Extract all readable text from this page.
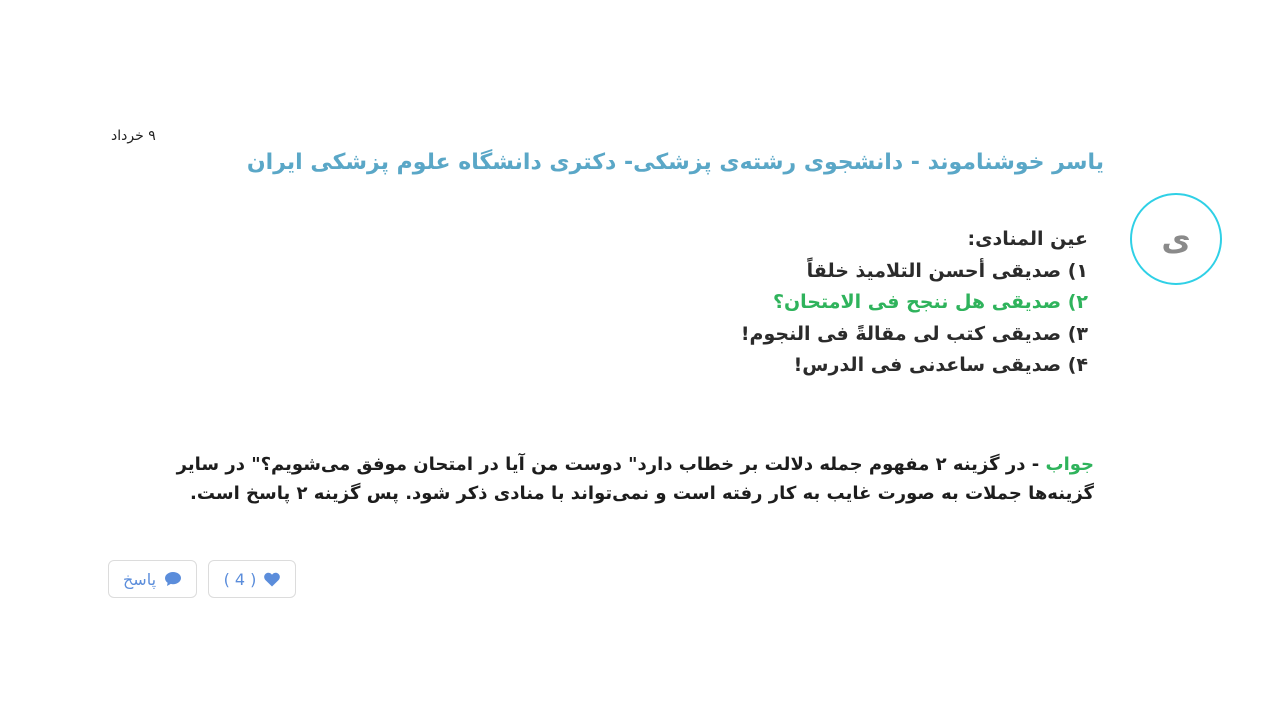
۹ خرداد
یاسر خوشناموند - دانشجوی رشته‌ی پزشکی- دکتری دانشگاه علوم پزشکی ایران
ی
عین المنادی:
۱) صدیقی أحسن التلامیذ خلقاً
۲) صدیقی هل ننجح فی الامتحان؟
۳) صدیقی کتب لی مقالةً فی النجوم!
۴) صدیقی ساعدنی فی الدرس!
جواب - در گزینه ۲ مفهوم جمله دلالت بر خطاب دارد" دوست من آیا در امتحان موفق می‌شویم؟" در سایر گزینه‌ها جملات به صورت غایب به کار رفته است و نمی‌تواند با منادی ذکر شود. پس گزینه ۲ پاسخ است.
پاسخ	( 4 )
